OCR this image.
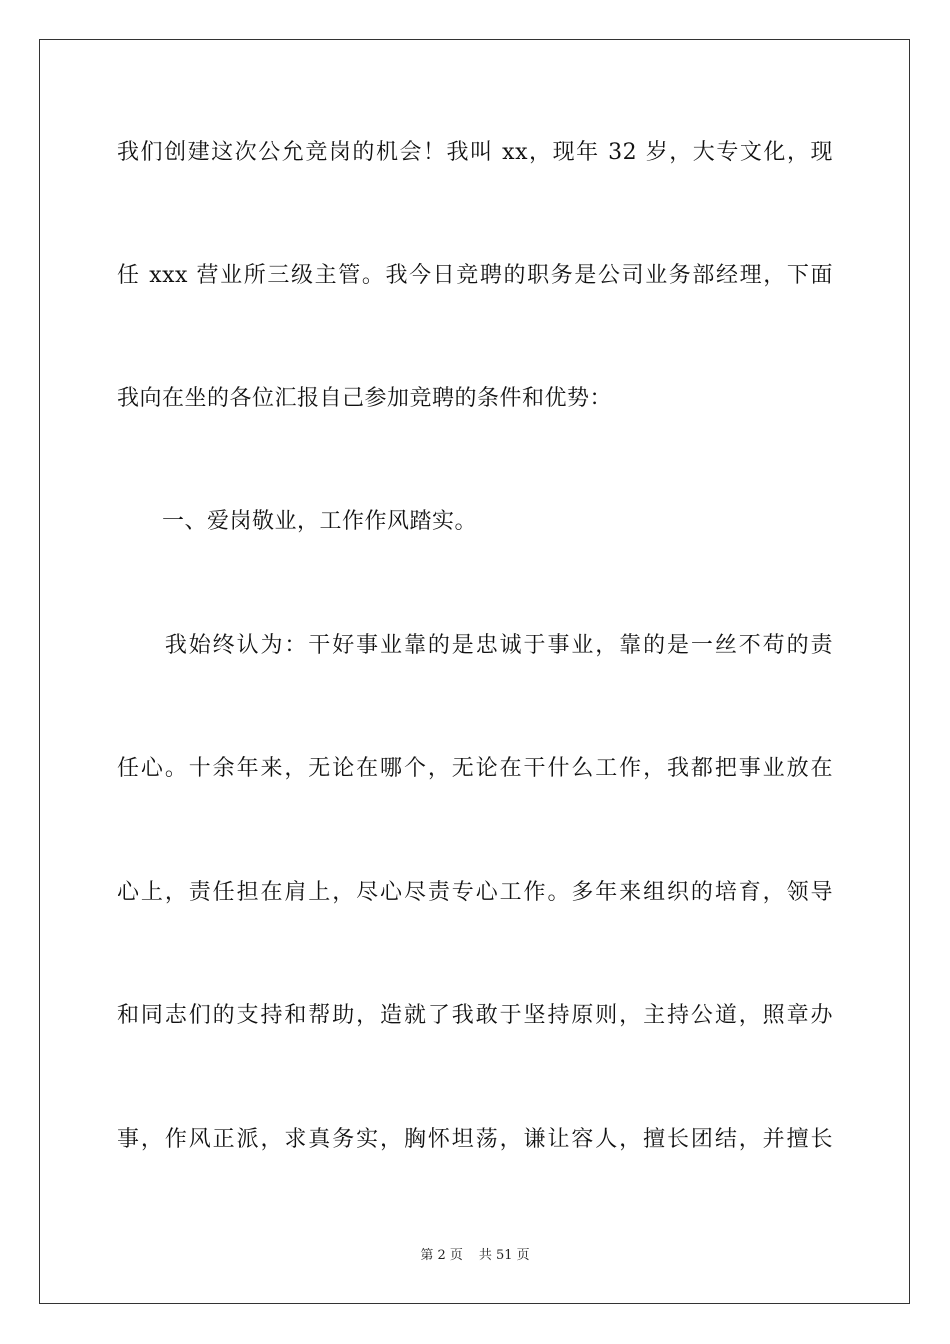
我们创建这次公允竞岗的机会！我叫 xx，现年 32 岁，大专文化，现
任 xxx 营业所三级主管。我今日竞聘的职务是公司业务部经理，下面
我向在坐的各位汇报自己参加竞聘的条件和优势：
　　一、爱岗敬业，工作作风踏实。
　　我始终认为：干好事业靠的是忠诚于事业，靠的是一丝不苟的责
任心。十余年来，无论在哪个，无论在干什么工作，我都把事业放在
心上，责任担在肩上，尽心尽责专心工作。多年来组织的培育，领导
和同志们的支持和帮助，造就了我敢于坚持原则，主持公道，照章办
事，作风正派，求真务实，胸怀坦荡，谦让容人，擅长团结，并擅长
第 2 页 共 51 页
